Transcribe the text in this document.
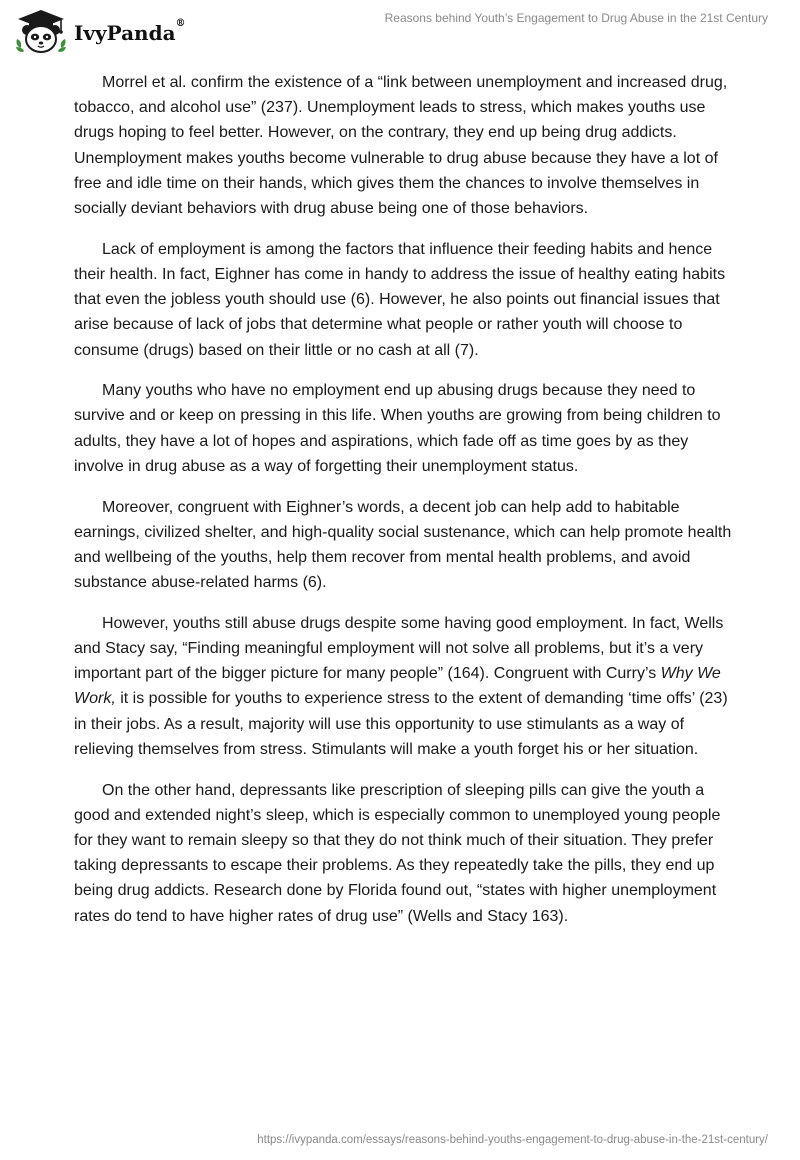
IvyPanda®	Reasons behind Youth’s Engagement to Drug Abuse in the 21st Century

Morrel et al. confirm the existence of a “link between unemployment and increased drug, tobacco, and alcohol use” (237). Unemployment leads to stress, which makes youths use drugs hoping to feel better. However, on the contrary, they end up being drug addicts. Unemployment makes youths become vulnerable to drug abuse because they have a lot of free and idle time on their hands, which gives them the chances to involve themselves in socially deviant behaviors with drug abuse being one of those behaviors.

Lack of employment is among the factors that influence their feeding habits and hence their health. In fact, Eighner has come in handy to address the issue of healthy eating habits that even the jobless youth should use (6). However, he also points out financial issues that arise because of lack of jobs that determine what people or rather youth will choose to consume (drugs) based on their little or no cash at all (7).

Many youths who have no employment end up abusing drugs because they need to survive and or keep on pressing in this life. When youths are growing from being children to adults, they have a lot of hopes and aspirations, which fade off as time goes by as they involve in drug abuse as a way of forgetting their unemployment status.

Moreover, congruent with Eighner’s words, a decent job can help add to habitable earnings, civilized shelter, and high-quality social sustenance, which can help promote health and wellbeing of the youths, help them recover from mental health problems, and avoid substance abuse-related harms (6).

However, youths still abuse drugs despite some having good employment. In fact, Wells and Stacy say, “Finding meaningful employment will not solve all problems, but it’s a very important part of the bigger picture for many people” (164). Congruent with Curry’s Why We Work, it is possible for youths to experience stress to the extent of demanding ‘time offs’ (23) in their jobs. As a result, majority will use this opportunity to use stimulants as a way of relieving themselves from stress. Stimulants will make a youth forget his or her situation.

On the other hand, depressants like prescription of sleeping pills can give the youth a good and extended night’s sleep, which is especially common to unemployed young people for they want to remain sleepy so that they do not think much of their situation. They prefer taking depressants to escape their problems. As they repeatedly take the pills, they end up being drug addicts. Research done by Florida found out, “states with higher unemployment rates do tend to have higher rates of drug use” (Wells and Stacy 163).

https://ivypanda.com/essays/reasons-behind-youths-engagement-to-drug-abuse-in-the-21st-century/
